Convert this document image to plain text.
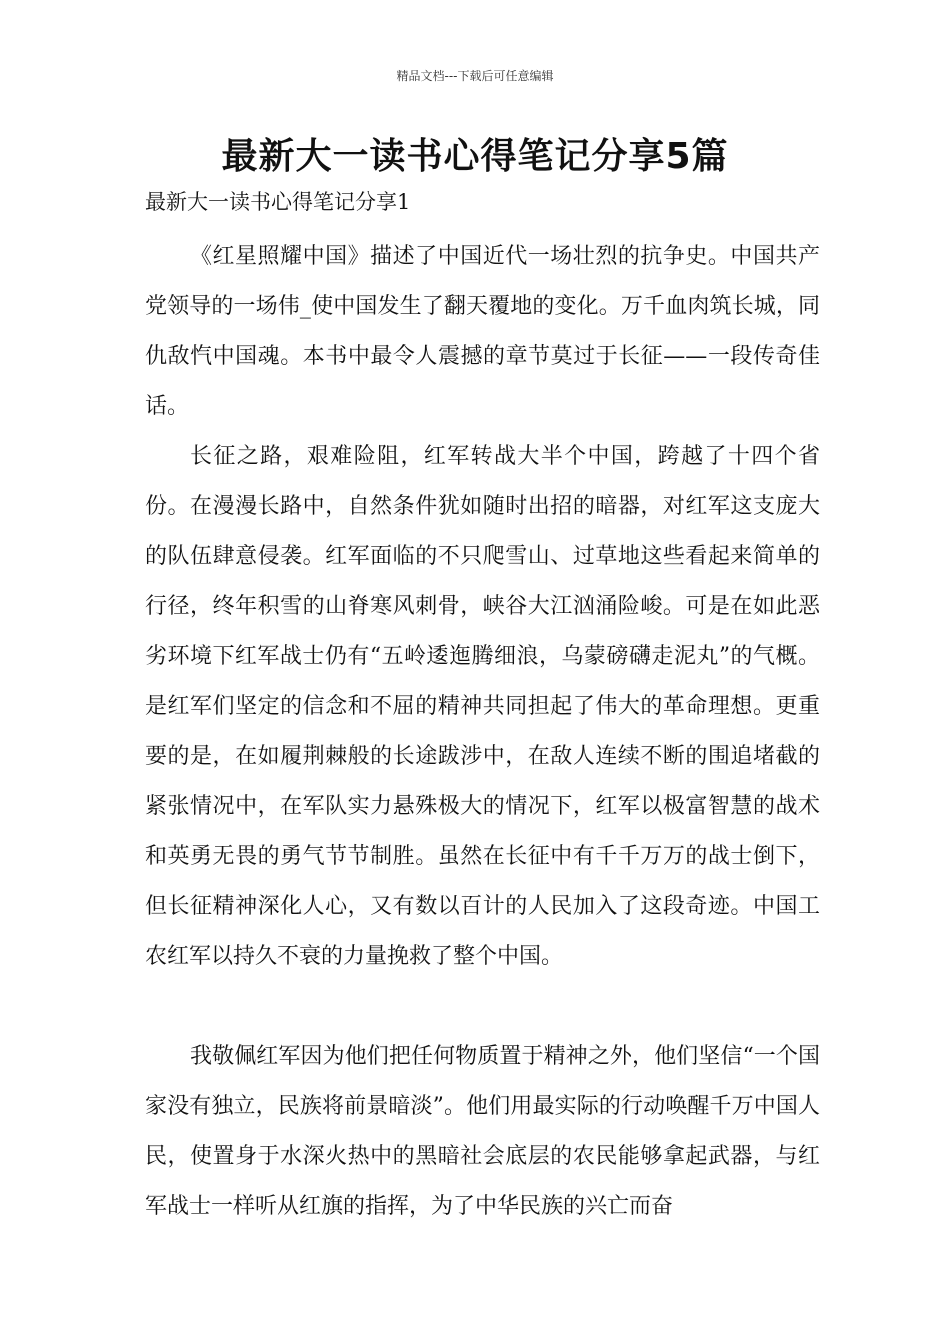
精品文档---下载后可任意编辑
最新大一读书心得笔记分享5篇
最新大一读书心得笔记分享1

《红星照耀中国》描述了中国近代一场壮烈的抗争史。中国共产党领导的一场伟_使中国发生了翻天覆地的变化。万千血肉筑长城，同仇敌忾中国魂。本书中最令人震撼的章节莫过于长征——一段传奇佳话。

长征之路，艰难险阻，红军转战大半个中国，跨越了十四个省份。在漫漫长路中，自然条件犹如随时出招的暗器，对红军这支庞大的队伍肆意侵袭。红军面临的不只爬雪山、过草地这些看起来简单的行径，终年积雪的山脊寒风刺骨，峡谷大江汹涌险峻。可是在如此恶劣环境下红军战士仍有“五岭逶迤腾细浪，乌蒙磅礴走泥丸”的气概。是红军们坚定的信念和不屈的精神共同担起了伟大的革命理想。更重要的是，在如履荆棘般的长途跋涉中，在敌人连续不断的围追堵截的紧张情况中，在军队实力悬殊极大的情况下，红军以极富智慧的战术和英勇无畏的勇气节节制胜。虽然在长征中有千千万万的战士倒下，但长征精神深化人心，又有数以百计的人民加入了这段奇迹。中国工农红军以持久不衰的力量挽救了整个中国。

我敬佩红军因为他们把任何物质置于精神之外，他们坚信“一个国家没有独立，民族将前景暗淡”。他们用最实际的行动唤醒千万中国人民，使置身于水深火热中的黑暗社会底层的农民能够拿起武器，与红军战士一样听从红旗的指挥，为了中华民族的兴亡而奋
